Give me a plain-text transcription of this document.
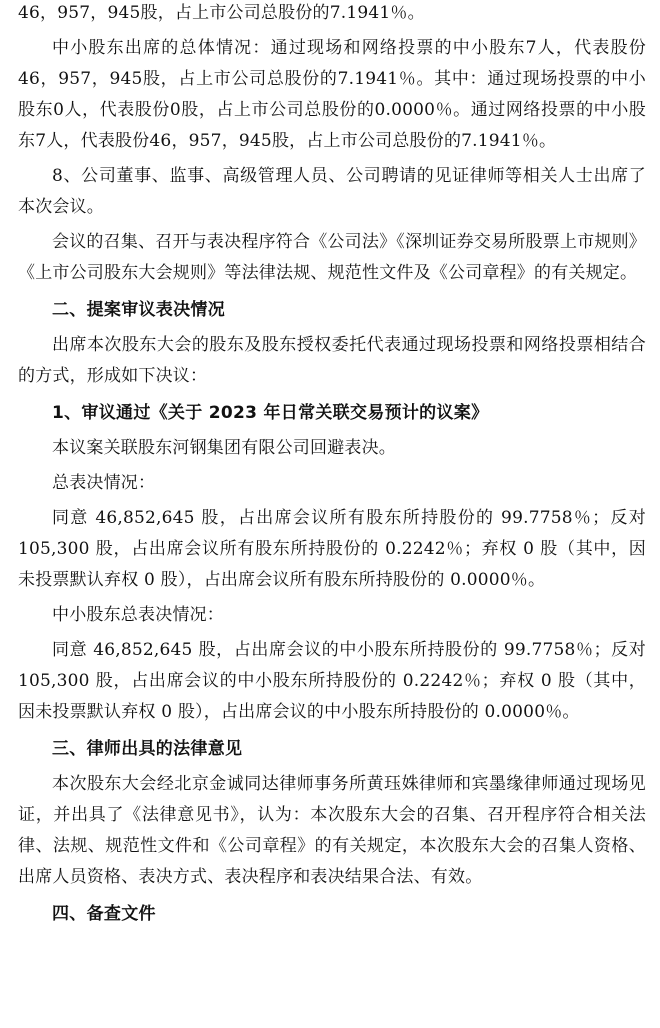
46，957，945股，占上市公司总股份的7.1941％。

中小股东出席的总体情况：通过现场和网络投票的中小股东7人，代表股份46，957，945股，占上市公司总股份的7.1941％。其中：通过现场投票的中小股东0人，代表股份0股，占上市公司总股份的0.0000％。通过网络投票的中小股东7人，代表股份46，957，945股，占上市公司总股份的7.1941％。

8、公司董事、监事、高级管理人员、公司聘请的见证律师等相关人士出席了本次会议。

会议的召集、召开与表决程序符合《公司法》《深圳证券交易所股票上市规则》《上市公司股东大会规则》等法律法规、规范性文件及《公司章程》的有关规定。

二、提案审议表决情况

出席本次股东大会的股东及股东授权委托代表通过现场投票和网络投票相结合的方式，形成如下决议：

1、审议通过《关于 2023 年日常关联交易预计的议案》

本议案关联股东河钢集团有限公司回避表决。

总表决情况：

同意 46,852,645 股，占出席会议所有股东所持股份的 99.7758％；反对 105,300 股，占出席会议所有股东所持股份的 0.2242％；弃权 0 股（其中，因未投票默认弃权 0 股），占出席会议所有股东所持股份的 0.0000％。

中小股东总表决情况：

同意 46,852,645 股，占出席会议的中小股东所持股份的 99.7758％；反对 105,300 股，占出席会议的中小股东所持股份的 0.2242％；弃权 0 股（其中，因未投票默认弃权 0 股），占出席会议的中小股东所持股份的 0.0000％。

三、律师出具的法律意见

本次股东大会经北京金诚同达律师事务所黄珏姝律师和宾墨缘律师通过现场见证，并出具了《法律意见书》，认为：本次股东大会的召集、召开程序符合相关法律、法规、规范性文件和《公司章程》的有关规定，本次股东大会的召集人资格、出席人员资格、表决方式、表决程序和表决结果合法、有效。

四、备查文件
